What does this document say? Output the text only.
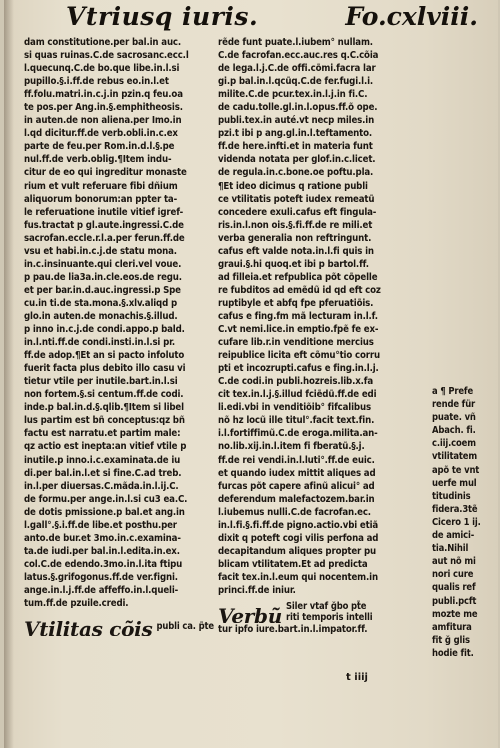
Vtriusq iuris.	Fo.cxlviii.
dam constitutione.per bal.in auc.
si quas ruinas.C.de sacrosanc.ecc.l
l.quecunq.C.de bo.que libe.in.l.si
pupillo.§.i.ff.de rebus eo.in.l.et
ff.folu.matri.in.c.j.in pzin.q feu.oa
te pos.per Ang.in.§.emphitheosis.
in auten.de non aliena.per Imo.in
l.qd dicitur.ff.de verb.obli.in.c.ex
parte de feu.per Rom.in.d.l.§.pe
nul.ff.de verb.oblig.¶Item indu-
citur de eo qui ingreditur monaste
rium et vult referuare fibi dñium
aliquorum bonorum:an ppter ta-
le referuatione inutile vitief igref-
fus.tractat p gl.aute.ingressi.C.de
sacrofan.eccle.r.l.a.per ferun.ff.de
vsu et habi.in.c.j.de statu mona.
in.c.insinuante.qui cleri.vel voue.
p pau.de lia3a.in.cle.eos.de regu.
et per bar.in.d.auc.ingressi.p Spe
cu.in ti.de sta.mona.§.xlv.aliqd p
glo.in auten.de monachis.§.illud.
p inno in.c.j.de condi.appo.p bald.
in.l.nti.ff.de condi.insti.in.l.si pr.
ff.de adop.¶Et an si pacto infoluto
fuerit facta plus debito illo casu vi
tietur vtile per inutile.bart.in.l.si
non fortem.§.si centum.ff.de codi.
inde.p bal.in.d.§.qlib.¶Item si libel
lus partim est bñ conceptus:qz bñ
factu est narratu.et partim male:
qz actio est inepta:an vitief vtile p
inutile.p inno.i.c.examinata.de iu
di.per bal.in.l.et si fine.C.ad treb.
in.l.per diuersas.C.mãda.in.l.ij.C.
de formu.per ange.in.l.si cu3 ea.C.
de dotis pmissione.p bal.et ang.in
l.gall°.§.i.ff.de libe.et posthu.per
anto.de bur.et 3mo.in.c.examina-
ta.de iudi.per bal.in.l.edita.in.ex.
col.C.de edendo.3mo.in.l.ita ftipu
latus.§.grifogonus.ff.de ver.figni.
ange.in.l.j.ff.de affeffo.in.l.queli-
tum.ff.de pzuile.credi.
Vtilitas cõis publi ca. p̃te
rẽde funt puate.l.iubem° nullam.
C.de facrofan.ecc.auc.res q.C.cõia
de lega.l.j.C.de offi.cõmi.facra lar
gi.p bal.in.l.qcũq.C.de fer.fugi.l.i.
milite.C.de pcur.tex.in.l.j.in fi.C.
de cadu.tolle.gl.in.l.opus.ff.õ ope.
publi.tex.in auté.vt necp miles.in
pzi.t ibi p ang.gl.in.l.teftamento.
ff.de here.infti.et in materia funt
videnda notata per glof.in.c.licet.
de regula.in.c.bone.oe poftu.pla.
¶Et ideo dicimus q ratione publi
ce vtilitatis poteft iudex remeatũ
concedere exuli.cafus eft fingula-
ris.in.l.non ois.§.fi.ff.de re mili.et
verba generalia non reftringunt.
cafus eft valde nota.in.l.fi quis in
graui.§.hi quoq.et ibi p bartol.ff.
ad filleia.et refpublica põt cõpelle
re fubditos ad emẽdũ id qd eft coz
ruptibyle et abfq fpe pferuatiõis.
cafus e fing.fm mã lecturam in.l.f.
C.vt nemi.lice.in emptio.fpẽ fe ex-
cufare lib.r.in venditione mercius
reipublice licita eft cõmu°tio corru
pti et incozrupti.cafus e fing.in.l.j.
C.de codi.in publi.hozreis.lib.x.fa
cit tex.in.l.j.§.illud fciẽdũ.ff.de edi
li.edi.vbi in venditiõib° fifcalibus
nõ hz locũ ille titul°.facit text.fin.
i.l.fortiffimũ.C.de eroga.milita.an-
no.lib.xij.in.l.item fi fberatũ.§.j.
ff.de rei vendi.in.l.luti°.ff.de euic.
et quando iudex mittit aliques ad
furcas põt capere afinũ alicui° ad
deferendum malefactozem.bar.in
l.iubemus nulli.C.de facrofan.ec.
in.l.fi.§.fi.ff.de pigno.actio.vbi etiã
dixit q poteft cogi vilis perfona ad
decapitandum aliques propter pu
blicam vtilitatem.Et ad predicta
facit tex.in.l.eum qui nocentem.in
princi.ff.de iniur.
Verbũ Siler vtaf ğbo pt̃e
riti temporis intelli
tur ipfo iure.bart.in.l.impator.ff.
a ¶ Prefe
rende für
puate. vñ
Abach. fi.
c.iij.coem
vtilitatem
apõ te vnt
uerfe mul
titudinis
fidera.3tẽ
Cicero 1 ij.
de amici-
tia.Nihil
aut nõ mi
nori cure
qualis ref
publi.pcft
mozte me
amfitura
fit ğ glis
hodie fit.
t iiij
